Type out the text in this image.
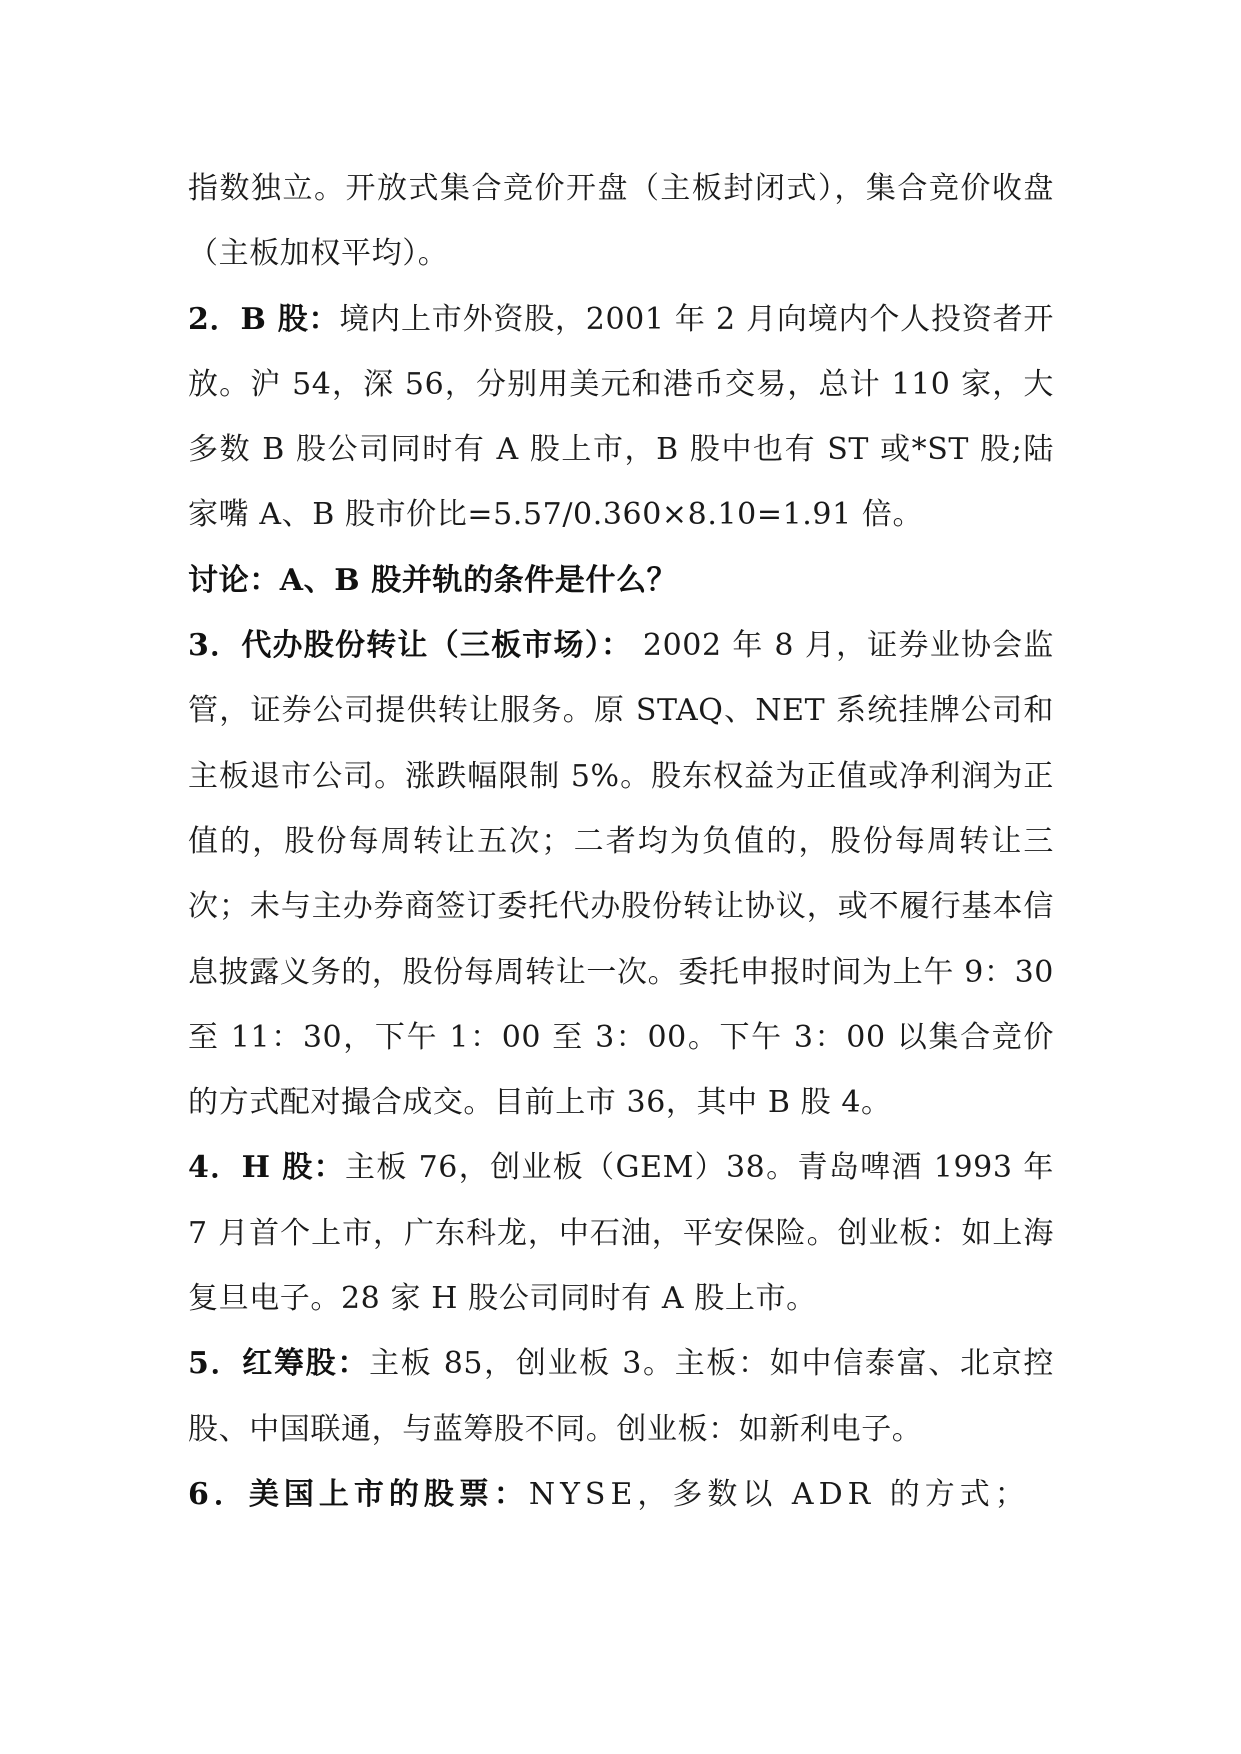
指数独立。开放式集合竞价开盘（主板封闭式），集合竞价收盘（主板加权平均）。

2．B 股：境内上市外资股，2001 年 2 月向境内个人投资者开放。沪 54，深 56，分别用美元和港币交易，总计 110 家，大多数 B 股公司同时有 A 股上市，B 股中也有 ST 或*ST 股;陆家嘴 A、B 股市价比=5.57/0.360×8.10=1.91 倍。

讨论：A、B 股并轨的条件是什么？

3．代办股份转让（三板市场）： 2002 年 8 月，证券业协会监管，证券公司提供转让服务。原 STAQ、NET 系统挂牌公司和主板退市公司。涨跌幅限制 5%。股东权益为正值或净利润为正值的，股份每周转让五次；二者均为负值的，股份每周转让三次；未与主办券商签订委托代办股份转让协议，或不履行基本信息披露义务的，股份每周转让一次。委托申报时间为上午 9：30 至 11：30，下午 1：00 至 3：00。下午 3：00 以集合竞价的方式配对撮合成交。目前上市 36，其中 B 股 4。

4．H 股：主板 76，创业板（GEM）38。青岛啤酒 1993 年 7 月首个上市，广东科龙，中石油，平安保险。创业板：如上海复旦电子。28 家 H 股公司同时有 A 股上市。

5．红筹股：主板 85，创业板 3。主板：如中信泰富、北京控股、中国联通，与蓝筹股不同。创业板：如新利电子。

6．美国上市的股票：NYSE，多数以 ADR 的方式；
